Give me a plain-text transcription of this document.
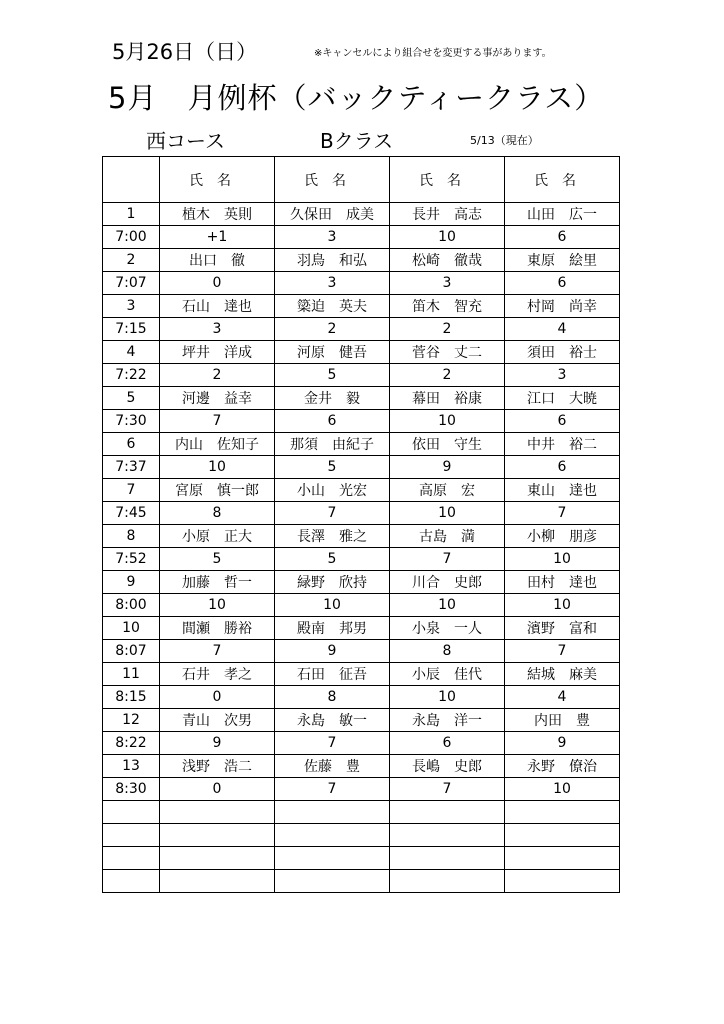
5月26日（日）	※キャンセルにより組合せを変更する事があります。
5月　月例杯（バックティークラス）
西コース	Bクラス	5/13（現在）
	氏名	氏名	氏名	氏名
1	植木　英則	久保田　成美	長井　高志	山田　広一
7:00	+1	3	10	6
2	出口　徹	羽鳥　和弘	松崎　徹哉	東原　絵里
7:07	0	3	3	6
3	石山　達也	簗迫　英夫	笛木　智充	村岡　尚幸
7:15	3	2	2	4
4	坪井　洋成	河原　健吾	菅谷　丈二	須田　裕士
7:22	2	5	2	3
5	河邊　益幸	金井　毅	幕田　裕康	江口　大暁
7:30	7	6	10	6
6	内山　佐知子	那須　由紀子	依田　守生	中井　裕二
7:37	10	5	9	6
7	宮原　慎一郎	小山　光宏	高原　宏	東山　達也
7:45	8	7	10	7
8	小原　正大	長澤　雅之	古島　満	小柳　朋彦
7:52	5	5	7	10
9	加藤　哲一	緑野　欣持	川合　史郎	田村　達也
8:00	10	10	10	10
10	間瀬　勝裕	殿南　邦男	小泉　一人	濱野　富和
8:07	7	9	8	7
11	石井　孝之	石田　征吾	小辰　佳代	結城　麻美
8:15	0	8	10	4
12	青山　次男	永島　敏一	永島　洋一	内田　豊
8:22	9	7	6	9
13	浅野　浩二	佐藤　豊	長嶋　史郎	永野　僚治
8:30	0	7	7	10
